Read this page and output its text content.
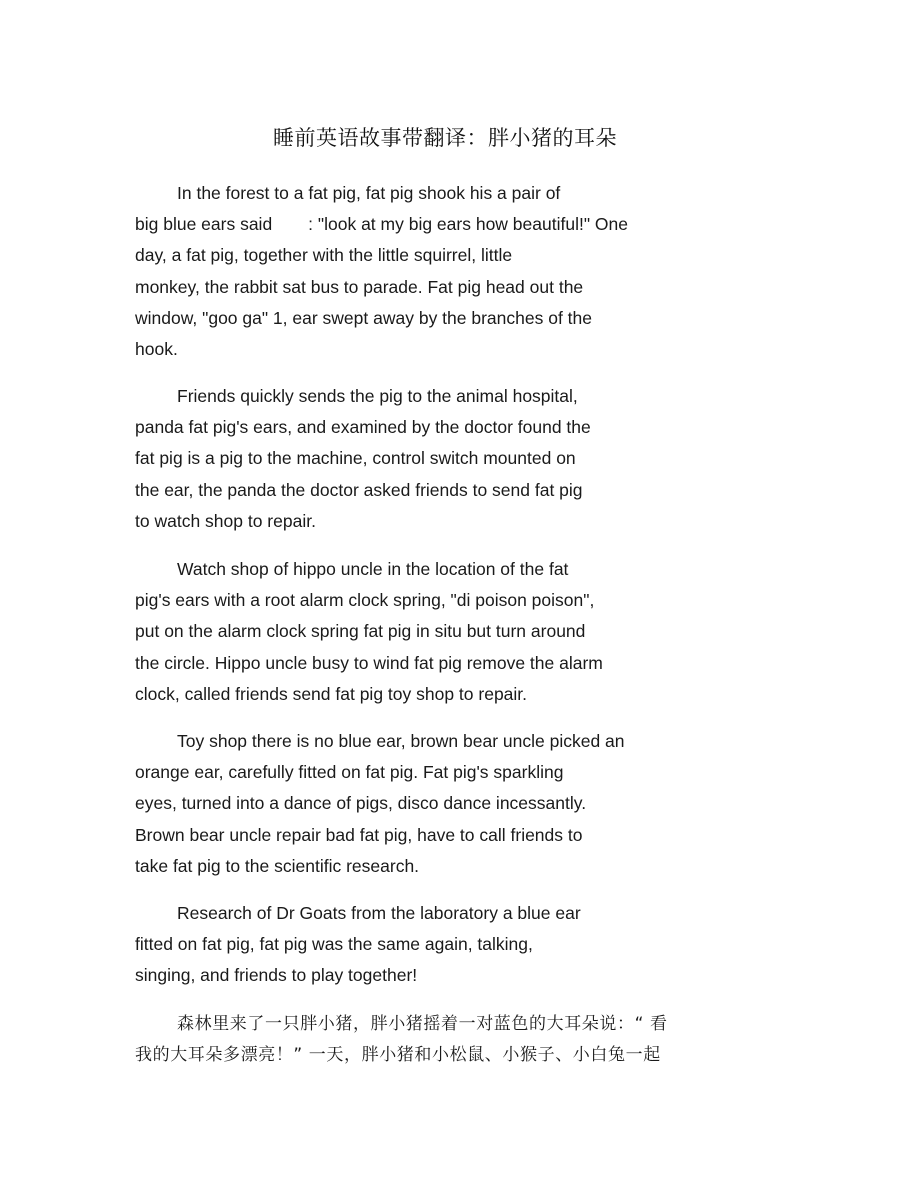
睡前英语故事带翻译：胖小猪的耳朵

In the forest to a fat pig, fat pig shook his a pair of
big blue ears said : "look at my big ears how beautiful!" One
day, a fat pig, together with the little squirrel, little
monkey, the rabbit sat bus to parade. Fat pig head out the
window, "goo ga" 1, ear swept away by the branches of the
hook.

Friends quickly sends the pig to the animal hospital,
panda fat pig's ears, and examined by the doctor found the
fat pig is a pig to the machine, control switch mounted on
the ear, the panda the doctor asked friends to send fat pig
to watch shop to repair.

Watch shop of hippo uncle in the location of the fat
pig's ears with a root alarm clock spring, "di poison poison",
put on the alarm clock spring fat pig in situ but turn around
the circle. Hippo uncle busy to wind fat pig remove the alarm
clock, called friends send fat pig toy shop to repair.

Toy shop there is no blue ear, brown bear uncle picked an
orange ear, carefully fitted on fat pig. Fat pig's sparkling
eyes, turned into a dance of pigs, disco dance incessantly.
Brown bear uncle repair bad fat pig, have to call friends to
take fat pig to the scientific research.

Research of Dr Goats from the laboratory a blue ear
fitted on fat pig, fat pig was the same again, talking,
singing, and friends to play together!

森林里来了一只胖小猪，胖小猪摇着一对蓝色的大耳朵说：“ 看
我的大耳朵多漂亮！” 一天，胖小猪和小松鼠、小猴子、小白兔一起
